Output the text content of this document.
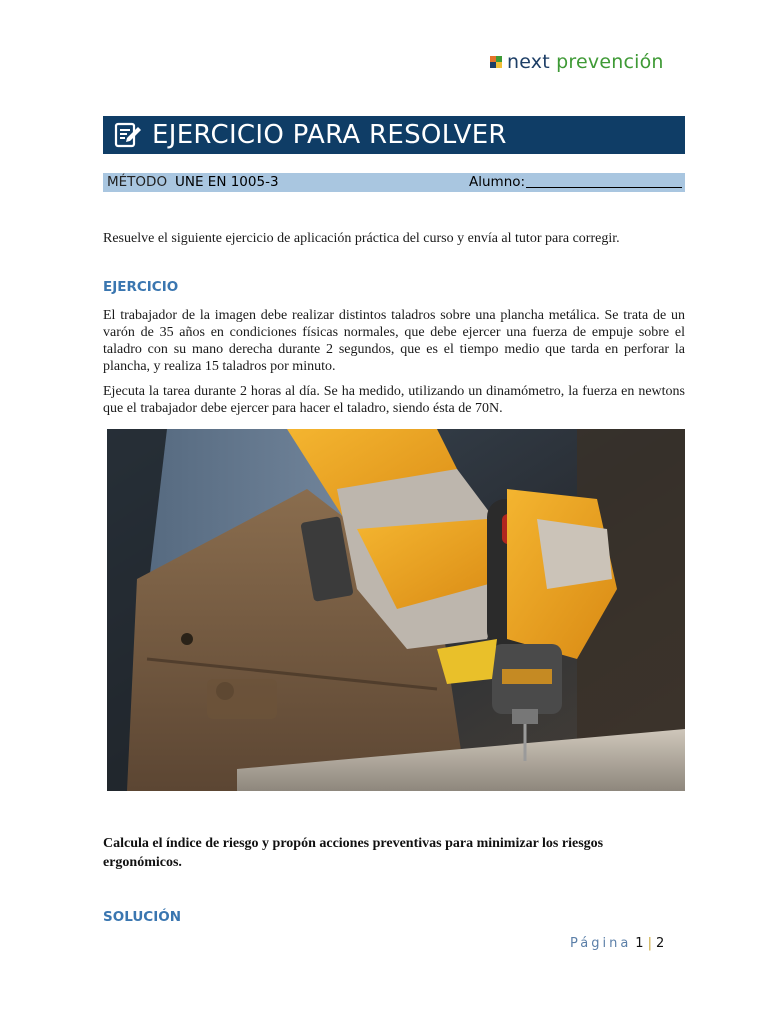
next prevención
EJERCICIO PARA RESOLVER
MÉTODO UNE EN 1005-3	Alumno:
Resuelve el siguiente ejercicio de aplicación práctica del curso y envía al tutor para corregir.
EJERCICIO
El trabajador de la imagen debe realizar distintos taladros sobre una plancha metálica. Se trata de un varón de 35 años en condiciones físicas normales, que debe ejercer una fuerza de empuje sobre el taladro con su mano derecha durante 2 segundos, que es el tiempo medio que tarda en perforar la plancha, y realiza 15 taladros por minuto.
Ejecuta la tarea durante 2 horas al día. Se ha medido, utilizando un dinamómetro, la fuerza en newtons que el trabajador debe ejercer para hacer el taladro, siendo ésta de 70N.
Calcula el índice de riesgo y propón acciones preventivas para minimizar los riesgos ergonómicos.
SOLUCIÓN
Página 1 | 2
